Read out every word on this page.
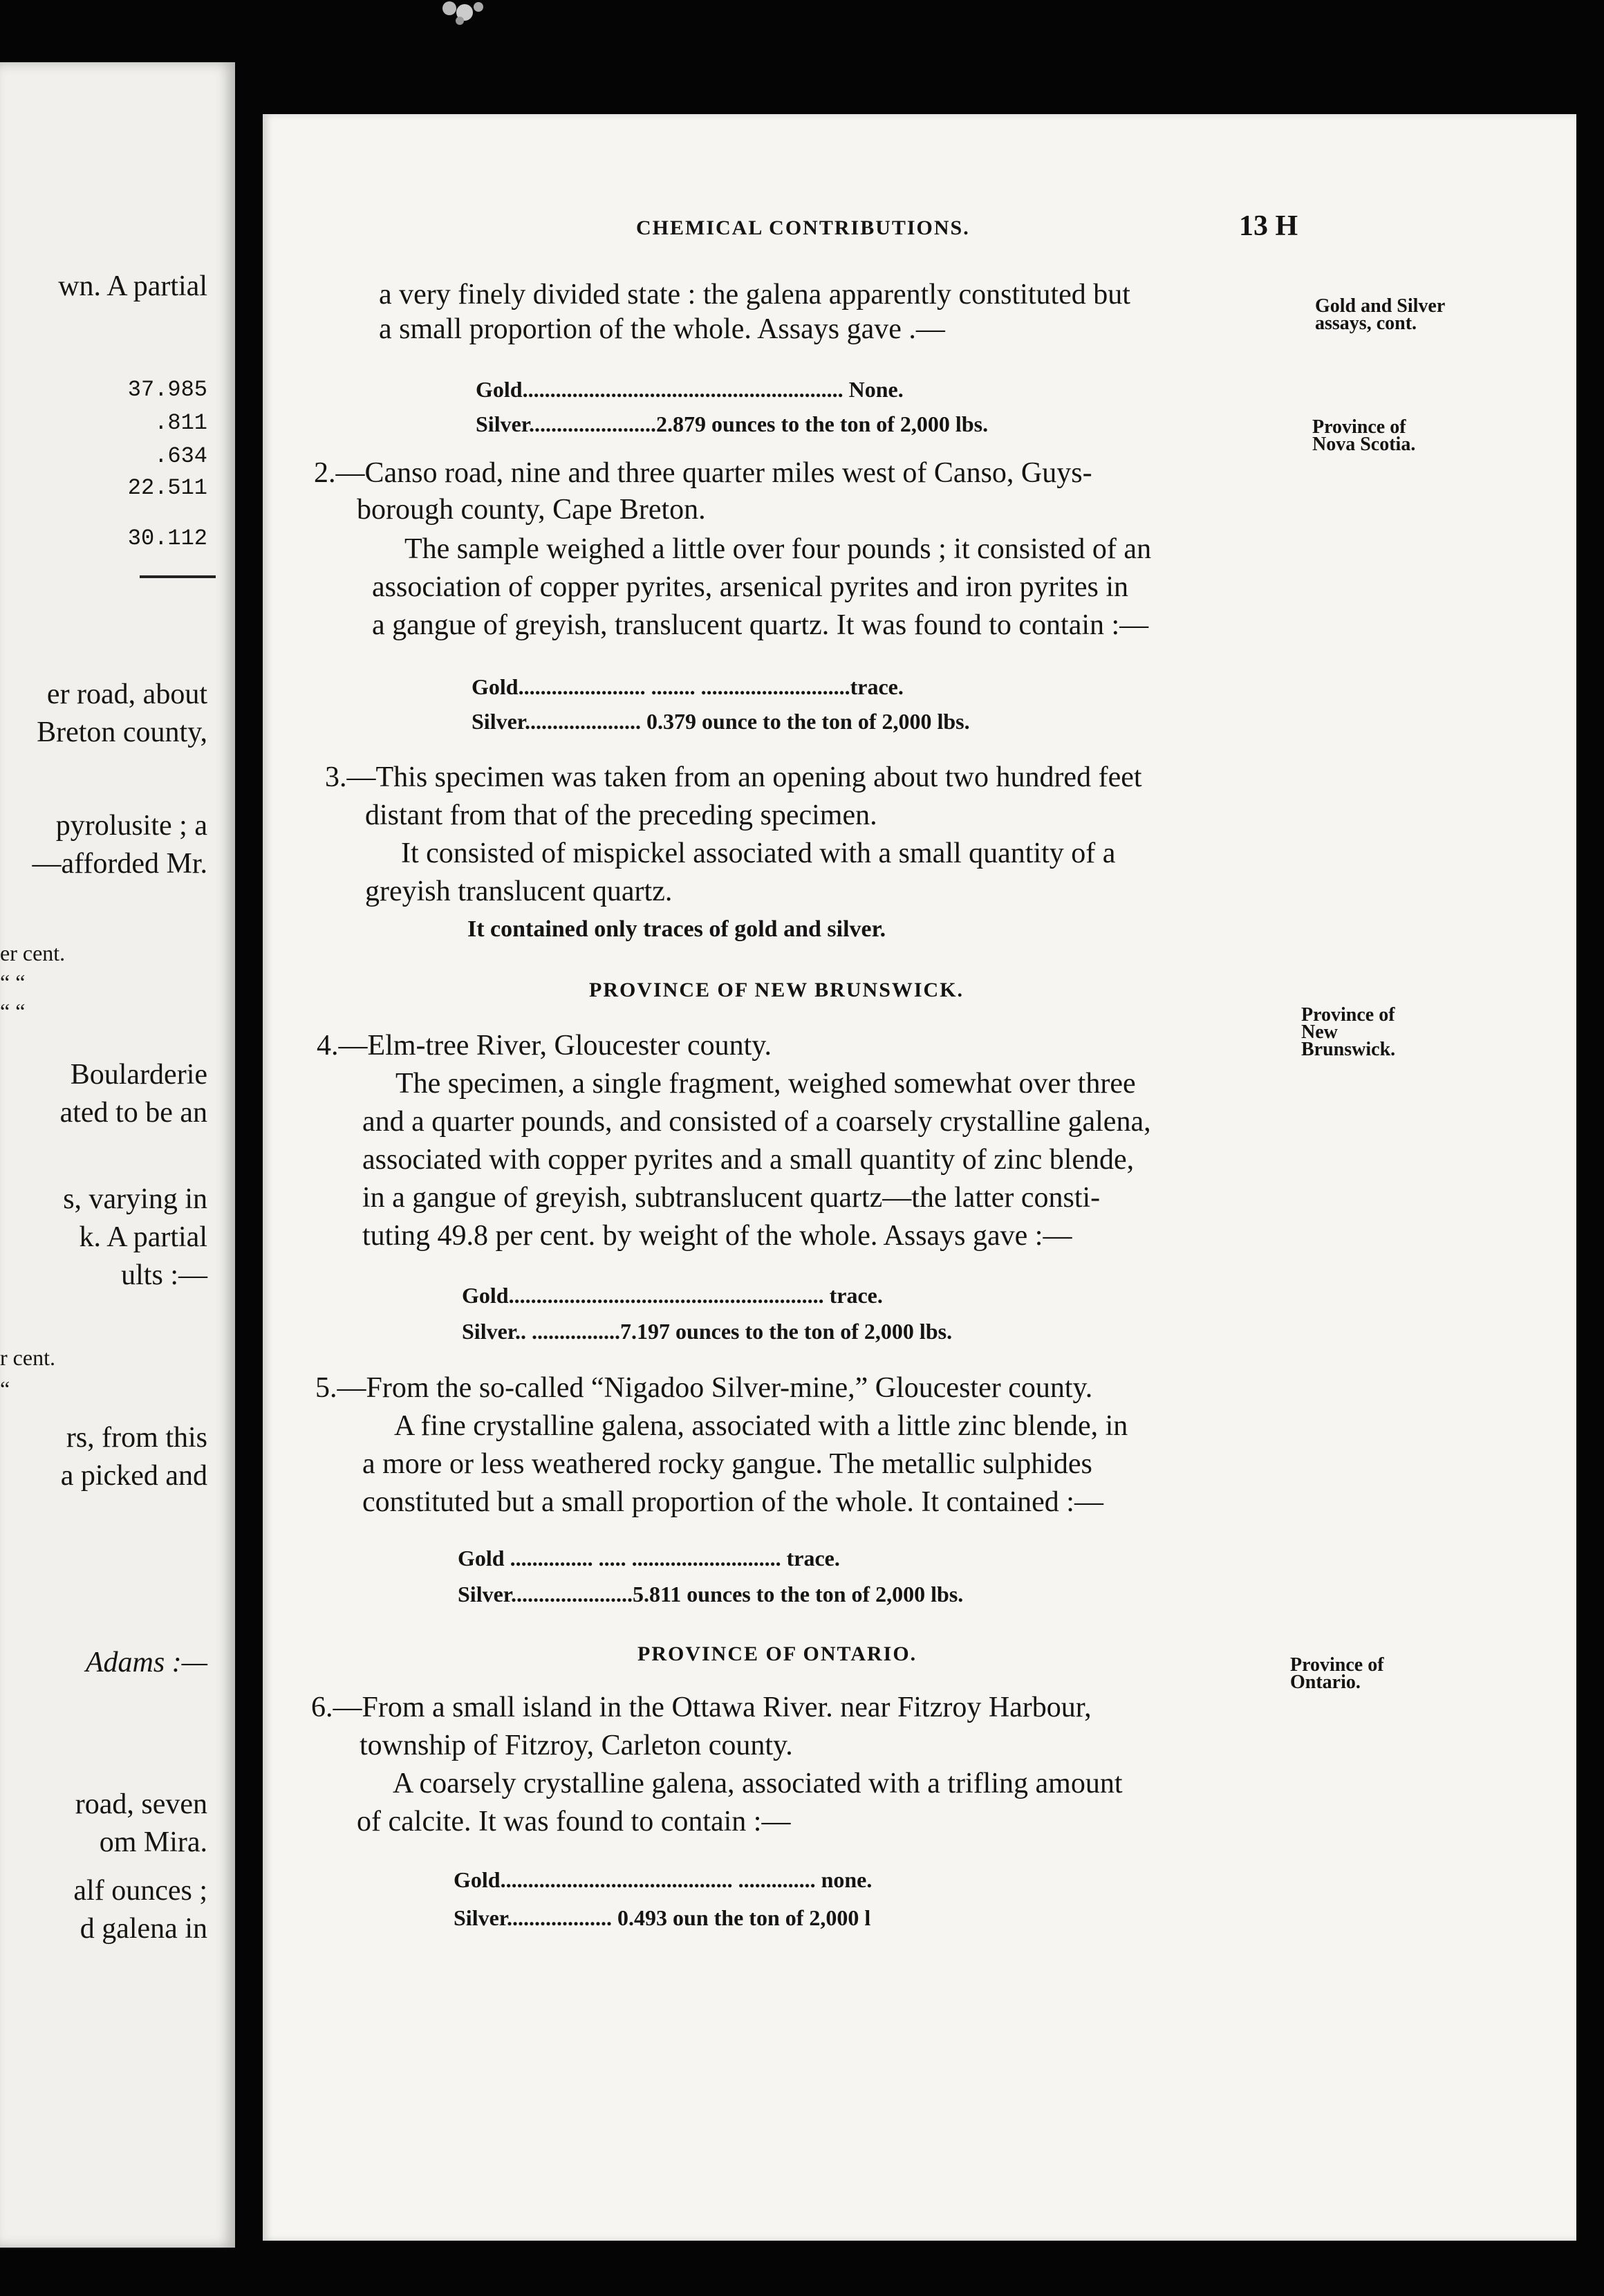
wn. A partial
37.985
.811
.634
22.511
30.112
er road, about
Breton county,
pyrolusite ; a
—afforded Mr.
er cent.
“ “
“ “
Boularderie
ated to be an
s, varying in
k. A partial
ults :—
r cent.
“
rs, from this
a picked and
Adams :—
road, seven
om Mira.
alf ounces ;
d galena in
CHEMICAL CONTRIBUTIONS.	13 H
Gold and Silver
assays, cont.
Province of
Nova Scotia.
Province of
New
Brunswick.
Province of
Ontario.
a very finely divided state : the galena apparently constituted but
a small proportion of the whole. Assays gave .—
Gold.......................................................... None.
Silver.......................2.879 ounces to the ton of 2,000 lbs.
2.—Canso road, nine and three quarter miles west of Canso, Guys-
borough county, Cape Breton.
The sample weighed a little over four pounds ; it consisted of an
association of copper pyrites, arsenical pyrites and iron pyrites in
a gangue of greyish, translucent quartz. It was found to contain :—
Gold....................... ........ ...........................trace.
Silver..................... 0.379 ounce to the ton of 2,000 lbs.
3.—This specimen was taken from an opening about two hundred feet
distant from that of the preceding specimen.
It consisted of mispickel associated with a small quantity of a
greyish translucent quartz.
It contained only traces of gold and silver.
PROVINCE OF NEW BRUNSWICK.
4.—Elm-tree River, Gloucester county.
The specimen, a single fragment, weighed somewhat over three
and a quarter pounds, and consisted of a coarsely crystalline galena,
associated with copper pyrites and a small quantity of zinc blende,
in a gangue of greyish, subtranslucent quartz—the latter consti-
tuting 49.8 per cent. by weight of the whole. Assays gave :—
Gold......................................................... trace.
Silver.. ................7.197 ounces to the ton of 2,000 lbs.
5.—From the so-called “Nigadoo Silver-mine,” Gloucester county.
A fine crystalline galena, associated with a little zinc blende, in
a more or less weathered rocky gangue. The metallic sulphides
constituted but a small proportion of the whole. It contained :—
Gold ............... ..... ........................... trace.
Silver......................5.811 ounces to the ton of 2,000 lbs.
PROVINCE OF ONTARIO.
6.—From a small island in the Ottawa River. near Fitzroy Harbour,
township of Fitzroy, Carleton county.
A coarsely crystalline galena, associated with a trifling amount
of calcite. It was found to contain :—
Gold.......................................... .............. none.
Silver................... 0.493 oun the ton of 2,000 l
